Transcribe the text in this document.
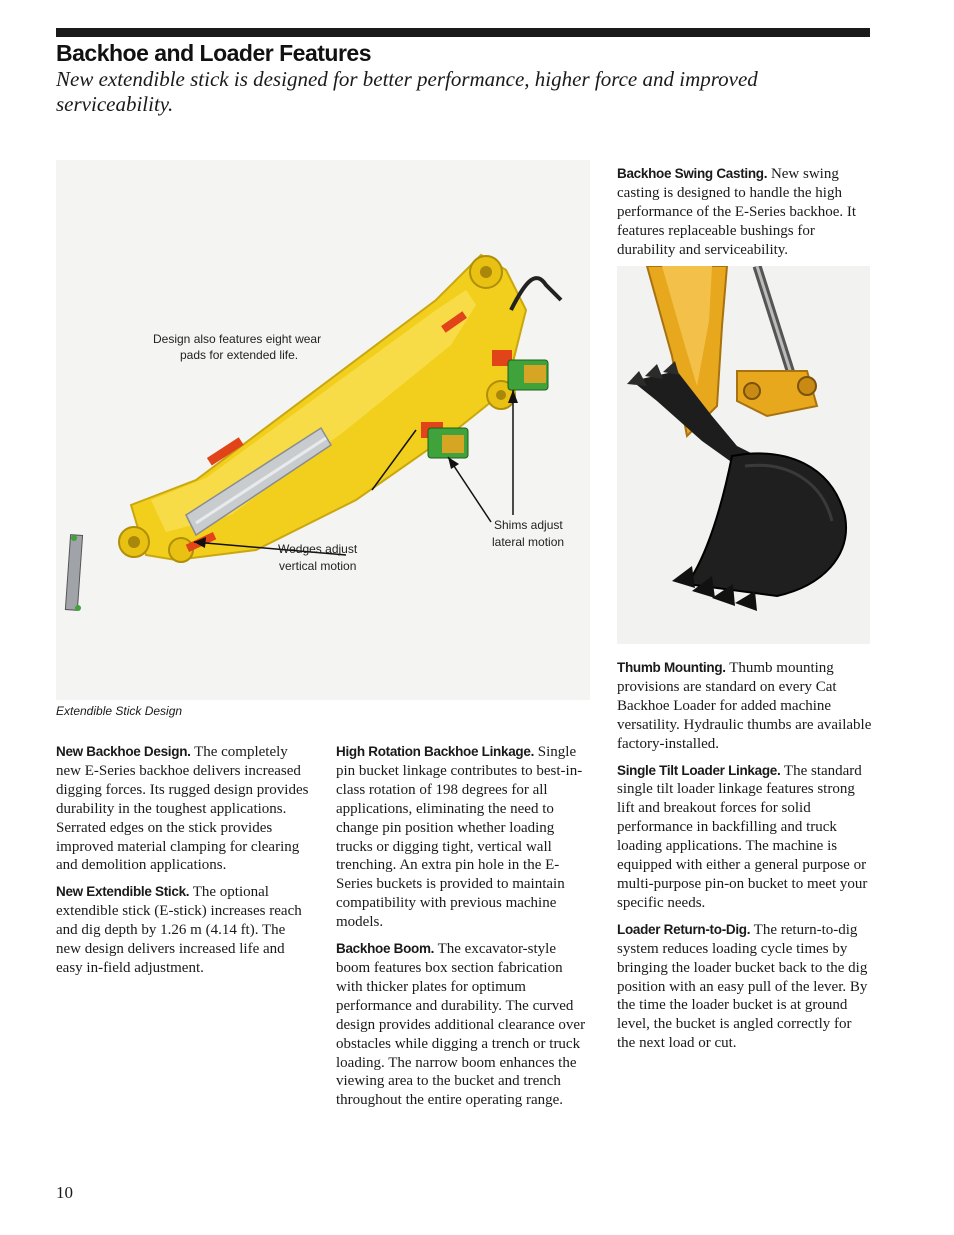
Backhoe and Loader Features

New extendible stick is designed for better performance, higher force and improved serviceability.

Design also features eight wear
pads for extended life.
Wedges adjust
vertical motion
Shims adjust
lateral motion

Extendible Stick Design

New Backhoe Design. The completely new E-Series backhoe delivers increased digging forces. Its rugged design provides durability in the toughest applications. Serrated edges on the stick provides improved material clamping for clearing and demolition applications.

New Extendible Stick. The optional extendible stick (E-stick) increases reach and dig depth by 1.26 m (4.14 ft). The new design delivers increased life and easy in-field adjustment.

High Rotation Backhoe Linkage. Single pin bucket linkage contributes to best-in-class rotation of 198 degrees for all applications, eliminating the need to change pin position whether loading trucks or digging tight, vertical wall trenching. An extra pin hole in the E-Series buckets is provided to maintain compatibility with previous machine models.

Backhoe Boom. The excavator-style boom features box section fabrication with thicker plates for optimum performance and durability. The curved design provides additional clearance over obstacles while digging a trench or truck loading. The narrow boom enhances the viewing area to the bucket and trench throughout the entire operating range.

Backhoe Swing Casting. New swing casting is designed to handle the high performance of the E-Series backhoe. It features replaceable bushings for durability and serviceability.

Thumb Mounting. Thumb mounting provisions are standard on every Cat Backhoe Loader for added machine versatility. Hydraulic thumbs are available factory-installed.

Single Tilt Loader Linkage. The standard single tilt loader linkage features strong lift and breakout forces for solid performance in backfilling and truck loading applications. The machine is equipped with either a general purpose or multi-purpose pin-on bucket to meet your specific needs.

Loader Return-to-Dig. The return-to-dig system reduces loading cycle times by bringing the loader bucket back to the dig position with an easy pull of the lever. By the time the loader bucket is at ground level, the bucket is angled correctly for the next load or cut.

10
